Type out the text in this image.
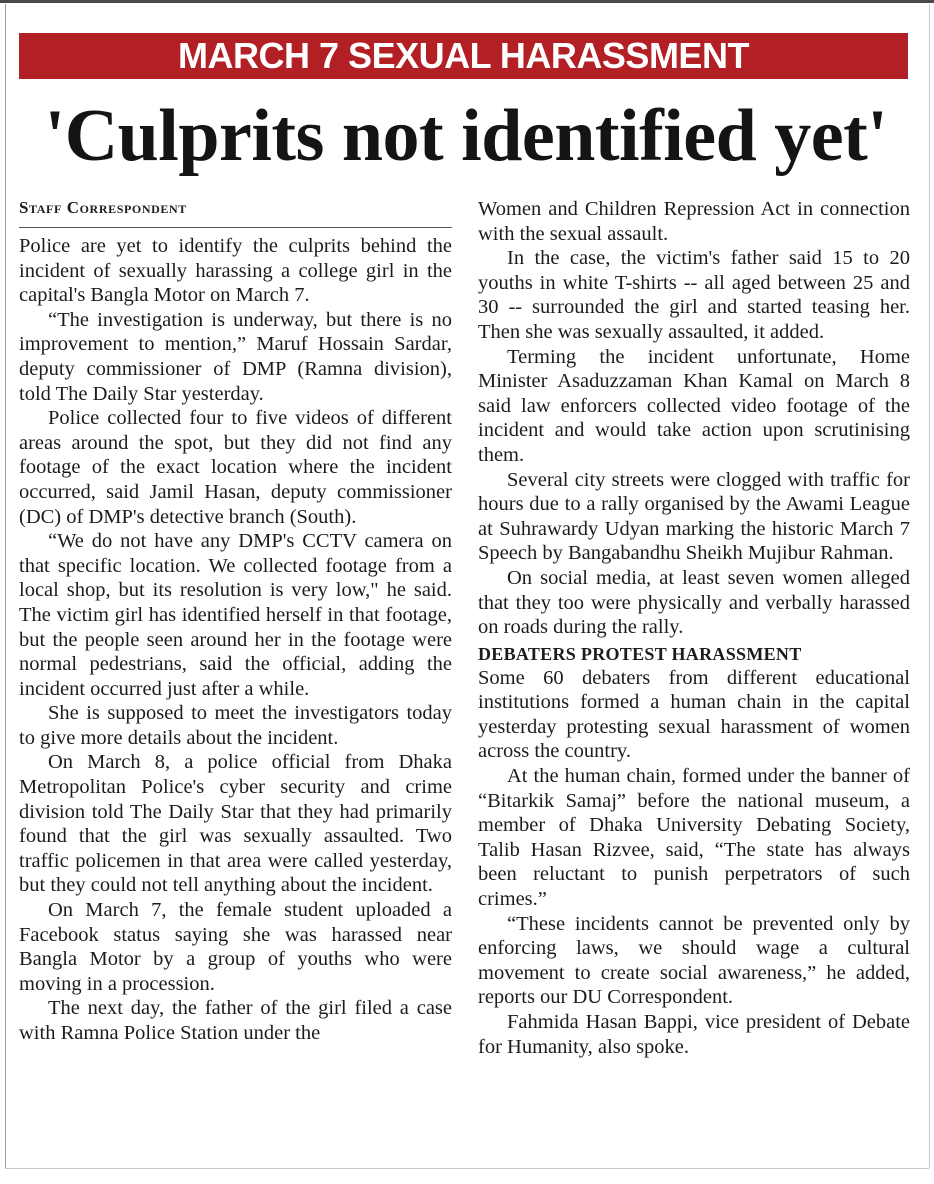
MARCH 7 SEXUAL HARASSMENT
'Culprits not identified yet'
Staff Correspondent

Police are yet to identify the culprits behind the incident of sexually harassing a college girl in the capital's Bangla Motor on March 7.

“The investigation is underway, but there is no improvement to mention,” Maruf Hossain Sardar, deputy commissioner of DMP (Ramna division), told The Daily Star yesterday.

Police collected four to five videos of different areas around the spot, but they did not find any footage of the exact location where the incident occurred, said Jamil Hasan, deputy commissioner (DC) of DMP's detective branch (South).

“We do not have any DMP's CCTV camera on that specific location. We collected footage from a local shop, but its resolution is very low," he said. The victim girl has identified herself in that footage, but the people seen around her in the footage were normal pedestrians, said the official, adding the incident occurred just after a while.

She is supposed to meet the investigators today to give more details about the incident.

On March 8, a police official from Dhaka Metropolitan Police's cyber security and crime division told The Daily Star that they had primarily found that the girl was sexually assaulted. Two traffic policemen in that area were called yesterday, but they could not tell anything about the incident.

On March 7, the female student uploaded a Facebook status saying she was harassed near Bangla Motor by a group of youths who were moving in a procession.

The next day, the father of the girl filed a case with Ramna Police Station under the

Women and Children Repression Act in connection with the sexual assault.

In the case, the victim's father said 15 to 20 youths in white T-shirts -- all aged between 25 and 30 -- surrounded the girl and started teasing her. Then she was sexually assaulted, it added.

Terming the incident unfortunate, Home Minister Asaduzzaman Khan Kamal on March 8 said law enforcers collected video footage of the incident and would take action upon scrutinising them.

Several city streets were clogged with traffic for hours due to a rally organised by the Awami League at Suhrawardy Udyan marking the historic March 7 Speech by Bangabandhu Sheikh Mujibur Rahman.

On social media, at least seven women alleged that they too were physically and verbally harassed on roads during the rally.

DEBATERS PROTEST HARASSMENT

Some 60 debaters from different educational institutions formed a human chain in the capital yesterday protesting sexual harassment of women across the country.

At the human chain, formed under the banner of “Bitarkik Samaj” before the national museum, a member of Dhaka University Debating Society, Talib Hasan Rizvee, said, “The state has always been reluctant to punish perpetrators of such crimes.”

“These incidents cannot be prevented only by enforcing laws, we should wage a cultural movement to create social awareness,” he added, reports our DU Correspondent.

Fahmida Hasan Bappi, vice president of Debate for Humanity, also spoke.
